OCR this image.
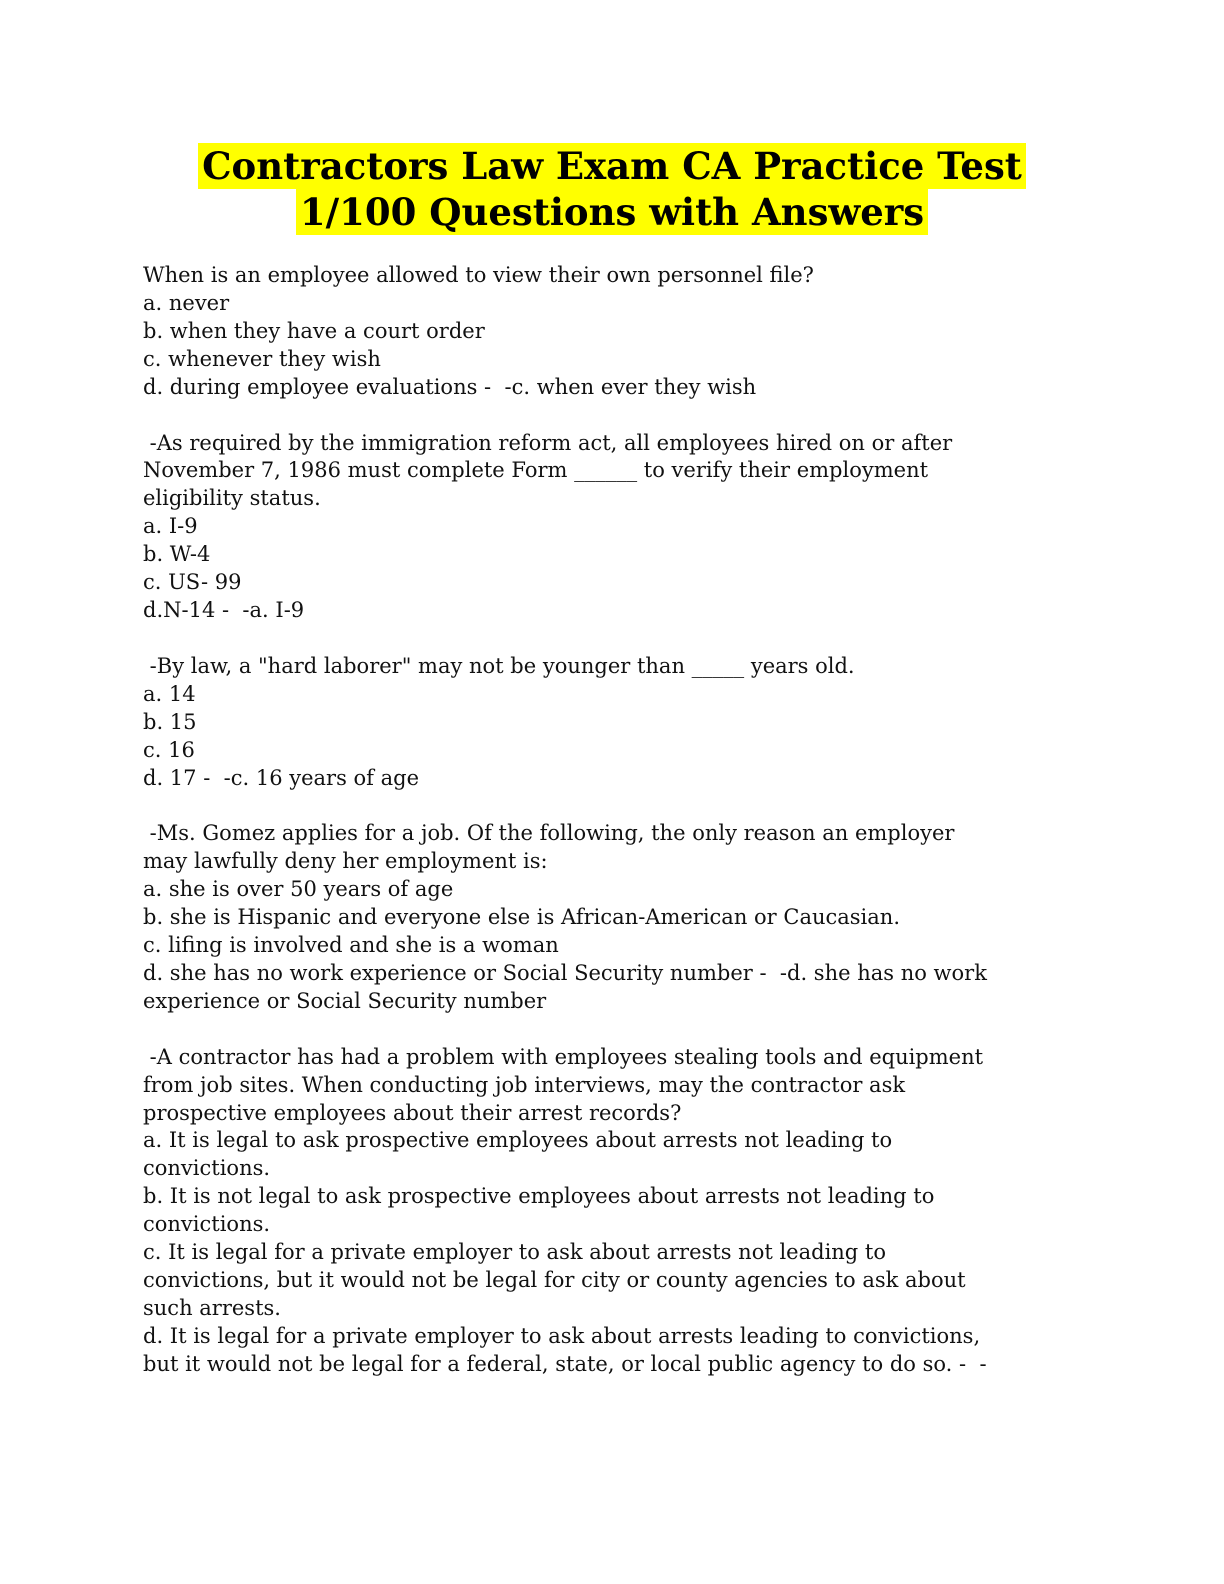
Contractors Law Exam CA Practice Test
1/100 Questions with Answers
When is an employee allowed to view their own personnel file?
a. never
b. when they have a court order
c. whenever they wish
d. during employee evaluations -  -c. when ever they wish
-As required by the immigration reform act, all employees hired on or after
November 7, 1986 must complete Form ______ to verify their employment
eligibility status.
a. I-9
b. W-4
c. US- 99
d.N-14 -  -a. I-9
-By law, a "hard laborer" may not be younger than _____ years old.
a. 14
b. 15
c. 16
d. 17 -  -c. 16 years of age
-Ms. Gomez applies for a job. Of the following, the only reason an employer
may lawfully deny her employment is:
a. she is over 50 years of age
b. she is Hispanic and everyone else is African-American or Caucasian.
c. lifing is involved and she is a woman
d. she has no work experience or Social Security number -  -d. she has no work
experience or Social Security number
-A contractor has had a problem with employees stealing tools and equipment
from job sites. When conducting job interviews, may the contractor ask
prospective employees about their arrest records?
a. It is legal to ask prospective employees about arrests not leading to
convictions.
b. It is not legal to ask prospective employees about arrests not leading to
convictions.
c. It is legal for a private employer to ask about arrests not leading to
convictions, but it would not be legal for city or county agencies to ask about
such arrests.
d. It is legal for a private employer to ask about arrests leading to convictions,
but it would not be legal for a federal, state, or local public agency to do so. -  -
